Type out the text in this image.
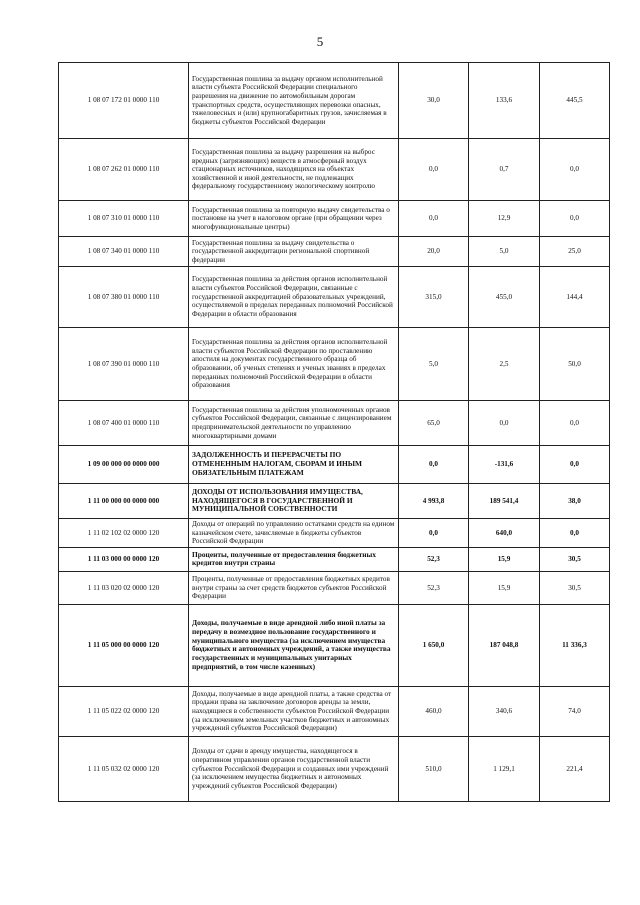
5
1 08 07 172 01 0000 110	Государственная пошлина за выдачу органом исполнительной власти субъекта Российской Федерации специального разрешения на движение по автомобильным дорогам транспортных средств, осуществляющих перевозки опасных, тяжеловесных и (или) крупногабаритных грузов, зачисляемая в бюджеты субъектов Российской Федерации	30,0	133,6	445,5
1 08 07 262 01 0000 110	Государственная пошлина за выдачу разрешения на выброс вредных (загрязняющих) веществ в атмосферный воздух стационарных источников, находящихся на объектах хозяйственной и иной деятельности, не подлежащих федеральному государственному экологическому контролю	0,0	0,7	0,0
1 08 07 310 01 0000 110	Государственная пошлина за повторную выдачу свидетельства о постановке на учет в налоговом органе (при обращении через многофункциональные центры)	0,0	12,9	0,0
1 08 07 340 01 0000 110	Государственная пошлина за выдачу свидетельства о государственной аккредитации региональной спортивной федерации	20,0	5,0	25,0
1 08 07 380 01 0000 110	Государственная пошлина за действия органов исполнительной власти субъектов Российской Федерации, связанные с государственной аккредитацией образовательных учреждений, осуществляемой в пределах переданных полномочий Российской Федерации в области образования	315,0	455,0	144,4
1 08 07 390 01 0000 110	Государственная пошлина за действия органов исполнительной власти субъектов Российской Федерации по проставлению апостиля на документах государственного образца об образовании, об ученых степенях и ученых званиях в пределах переданных полномочий Российской Федерации в области образования	5,0	2,5	50,0
1 08 07 400 01 0000 110	Государственная пошлина за действия уполномоченных органов субъектов Российской Федерации, связанные с лицензированием предпринимательской деятельности по управлению многоквартирными домами	65,0	0,0	0,0
1 09 00 000 00 0000 000	ЗАДОЛЖЕННОСТЬ И ПЕРЕРАСЧЕТЫ ПО ОТМЕНЕННЫМ НАЛОГАМ, СБОРАМ И ИНЫМ ОБЯЗАТЕЛЬНЫМ ПЛАТЕЖАМ	0,0	-131,6	0,0
1 11 00 000 00 0000 000	ДОХОДЫ ОТ ИСПОЛЬЗОВАНИЯ ИМУЩЕСТВА, НАХОДЯЩЕГОСЯ В ГОСУДАРСТВЕННОЙ И МУНИЦИПАЛЬНОЙ СОБСТВЕННОСТИ	4 993,8	189 541,4	38,0
1 11 02 102 02 0000 120	Доходы от операций по управлению остатками средств на едином казначейском счете, зачисляемые в бюджеты субъектов Российской Федерации	0,0	640,0	0,0
1 11 03 000 00 0000 120	Проценты, полученные от предоставления бюджетных кредитов внутри страны	52,3	15,9	30,5
1 11 03 020 02 0000 120	Проценты, полученные от предоставления бюджетных кредитов внутри страны за счет средств бюджетов субъектов Российской Федерации	52,3	15,9	30,5
1 11 05 000 00 0000 120	Доходы, получаемые в виде арендной либо иной платы за передачу в возмездное пользование государственного и муниципального имущества (за исключением имущества бюджетных и автономных учреждений, а также имущества государственных и муниципальных унитарных предприятий, в том числе казенных)	1 650,0	187 048,8	11 336,3
1 11 05 022 02 0000 120	Доходы, получаемые в виде арендной платы, а также средства от продажи права на заключение договоров аренды за земли, находящиеся в собственности субъектов Российской Федерации (за исключением земельных участков бюджетных и автономных учреждений субъектов Российской Федерации)	460,0	340,6	74,0
1 11 05 032 02 0000 120	Доходы от сдачи в аренду имущества, находящегося в оперативном управлении органов государственной власти субъектов Российской Федерации и созданных ими учреждений (за исключением имущества бюджетных и автономных учреждений субъектов Российской Федерации)	510,0	1 129,1	221,4
